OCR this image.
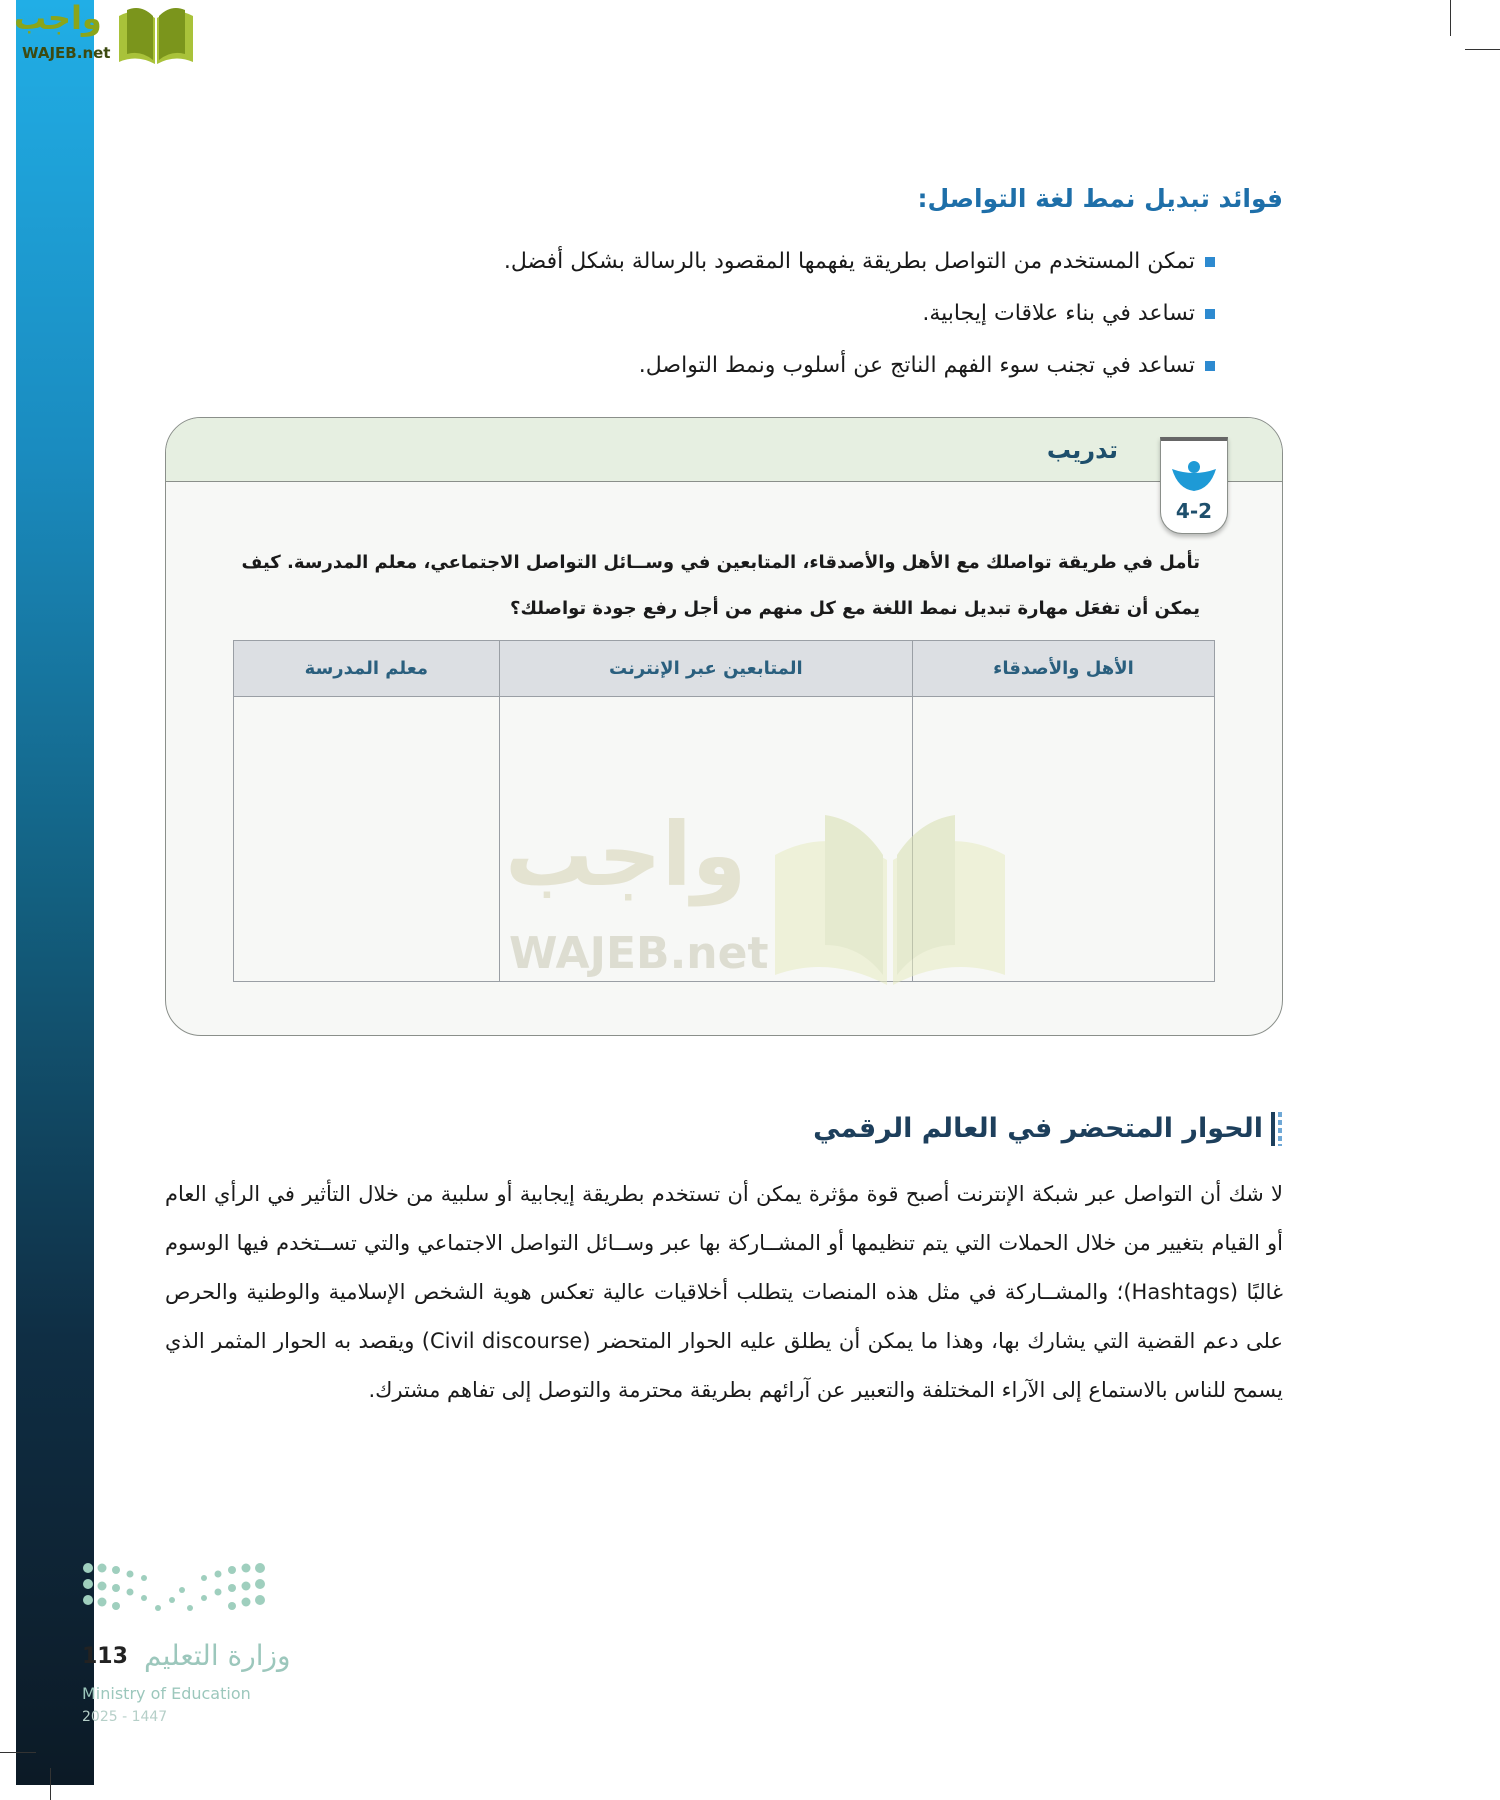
واجب
WAJEB.net
فوائد تبديل نمط لغة التواصل:
تمكن المستخدم من التواصل بطريقة يفهمها المقصود بالرسالة بشكل أفضل.
تساعد في بناء علاقات إيجابية.
تساعد في تجنب سوء الفهم الناتج عن أسلوب ونمط التواصل.
تدريب
4-2
تأمل في طريقة تواصلك مع الأهل والأصدقاء، المتابعين في وســائل التواصل الاجتماعي، معلم المدرسة. كيف يمكن أن تفعَل مهارة تبديل نمط اللغة مع كل منهم من أجل رفع جودة تواصلك؟
الأهل والأصدقاء	المتابعين عبر الإنترنت	معلم المدرسة

واجب
WAJEB.net
الحوار المتحضر في العالم الرقمي
لا شك أن التواصل عبر شبكة الإنترنت أصبح قوة مؤثرة يمكن أن تستخدم بطريقة إيجابية أو سلبية من خلال التأثير في الرأي العام أو القيام بتغيير من خلال الحملات التي يتم تنظيمها أو المشــاركة بها عبر وســائل التواصل الاجتماعي والتي تســتخدم فيها الوسوم غالبًا (Hashtags)؛ والمشــاركة في مثل هذه المنصات يتطلب أخلاقيات عالية تعكس هوية الشخص الإسلامية والوطنية والحرص على دعم القضية التي يشارك بها، وهذا ما يمكن أن يطلق عليه الحوار المتحضر (Civil discourse) ويقصد به الحوار المثمر الذي يسمح للناس بالاستماع إلى الآراء المختلفة والتعبير عن آرائهم بطريقة محترمة والتوصل إلى تفاهم مشترك.
113 وزارة التعليم
Ministry of Education
2025 - 1447
